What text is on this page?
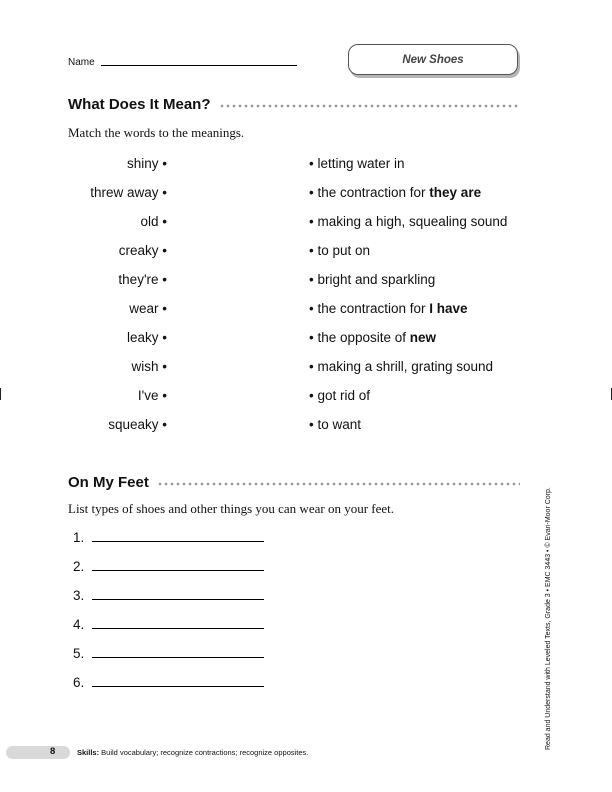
Name	New Shoes
What Does It Mean?
Match the words to the meanings.
shiny •
threw away •
old •
creaky •
they're •
wear •
leaky •
wish •
I've •
squeaky •
• letting water in
• the contraction for they are
• making a high, squealing sound
• to put on
• bright and sparkling
• the contraction for I have
• the opposite of new
• making a shrill, grating sound
• got rid of
• to want
On My Feet
List types of shoes and other things you can wear on your feet.
1.
2.
3.
4.
5.
6.
8	Skills: Build vocabulary; recognize contractions; recognize opposites.
Read and Understand with Leveled Texts, Grade 3 • EMC 3443 • © Evan-Moor Corp.
